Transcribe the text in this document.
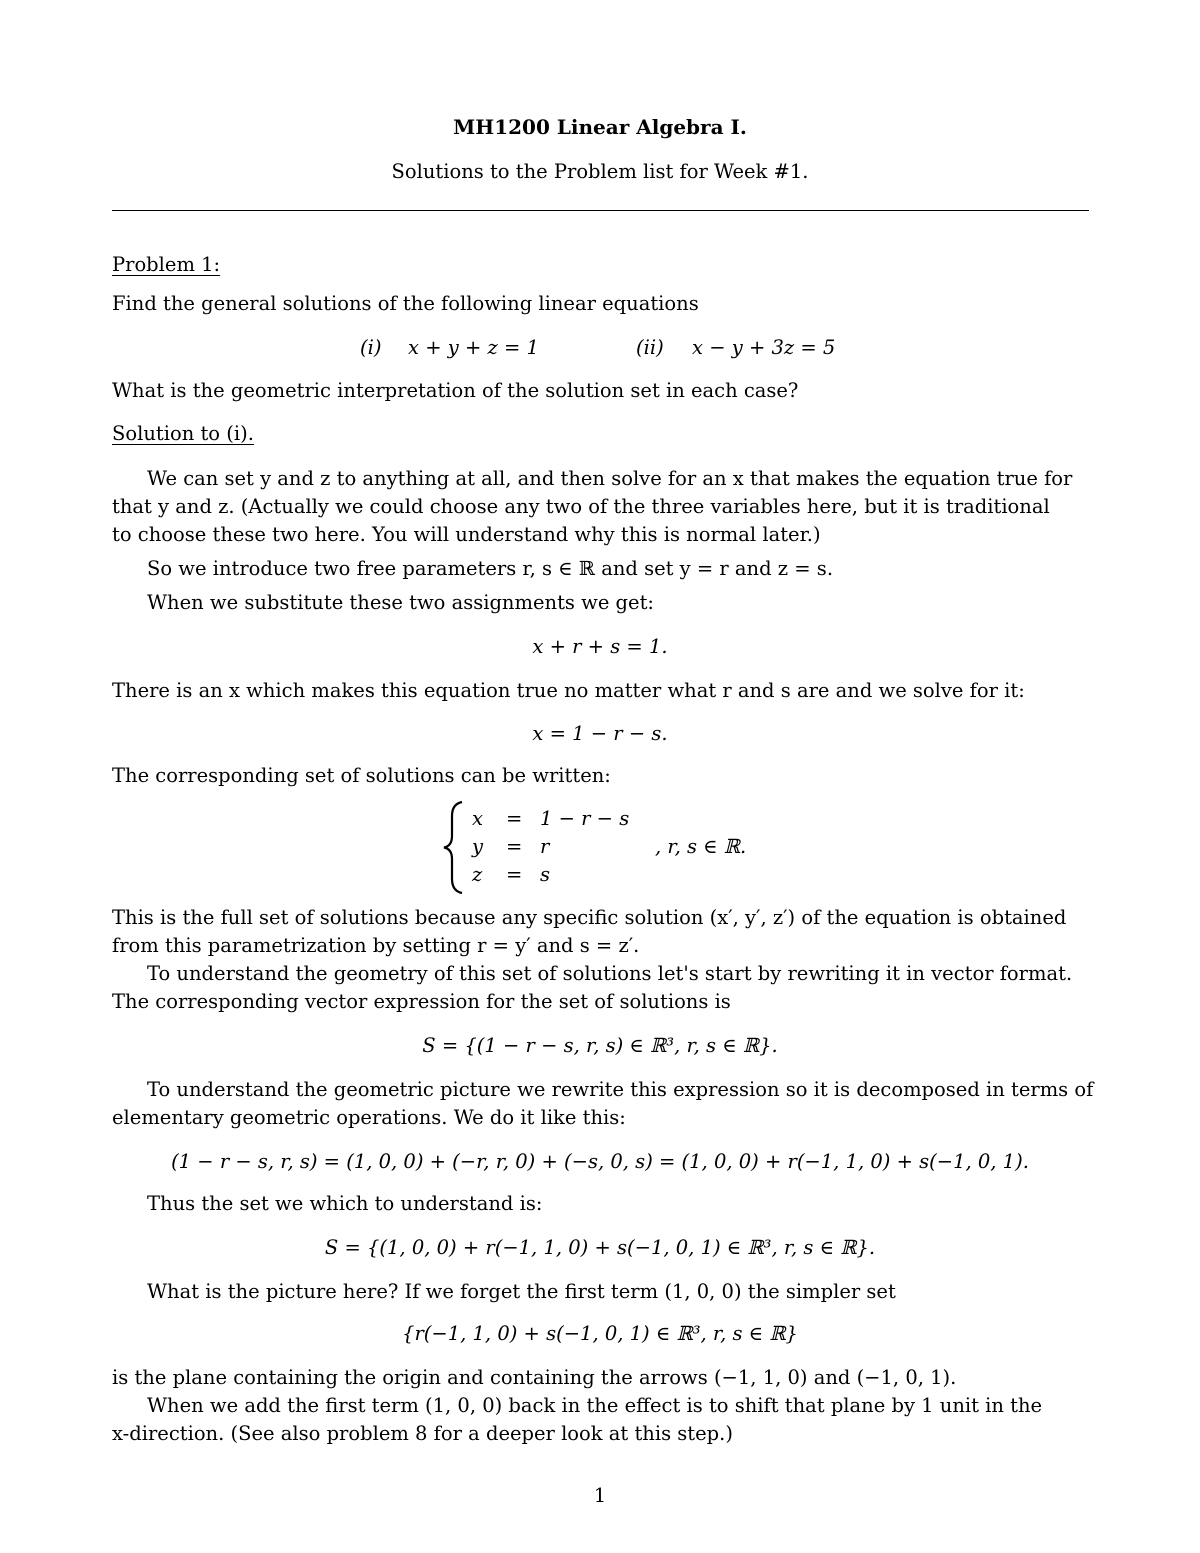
MH1200 Linear Algebra I.
Solutions to the Problem list for Week #1.
Problem 1:
Find the general solutions of the following linear equations
(i) x + y + z = 1	(ii) x − y + 3z = 5
What is the geometric interpretation of the solution set in each case?
Solution to (i).
We can set y and z to anything at all, and then solve for an x that makes the equation true for
that y and z. (Actually we could choose any two of the three variables here, but it is traditional
to choose these two here. You will understand why this is normal later.)
So we introduce two free parameters r, s ∈ ℝ and set y = r and z = s.
When we substitute these two assignments we get:
x + r + s = 1.
There is an x which makes this equation true no matter what r and s are and we solve for it:
x = 1 − r − s.
The corresponding set of solutions can be written:
x = 1 − r − s
y = r
z = s
, r, s ∈ ℝ.
This is the full set of solutions because any specific solution (x′, y′, z′) of the equation is obtained
from this parametrization by setting r = y′ and s = z′.
To understand the geometry of this set of solutions let's start by rewriting it in vector format.
The corresponding vector expression for the set of solutions is
S = {(1 − r − s, r, s) ∈ ℝ³, r, s ∈ ℝ}.
To understand the geometric picture we rewrite this expression so it is decomposed in terms of
elementary geometric operations. We do it like this:
(1 − r − s, r, s) = (1, 0, 0) + (−r, r, 0) + (−s, 0, s) = (1, 0, 0) + r(−1, 1, 0) + s(−1, 0, 1).
Thus the set we which to understand is:
S = {(1, 0, 0) + r(−1, 1, 0) + s(−1, 0, 1) ∈ ℝ³, r, s ∈ ℝ}.
What is the picture here? If we forget the first term (1, 0, 0) the simpler set
{r(−1, 1, 0) + s(−1, 0, 1) ∈ ℝ³, r, s ∈ ℝ}
is the plane containing the origin and containing the arrows (−1, 1, 0) and (−1, 0, 1).
When we add the first term (1, 0, 0) back in the effect is to shift that plane by 1 unit in the
x-direction. (See also problem 8 for a deeper look at this step.)
1
